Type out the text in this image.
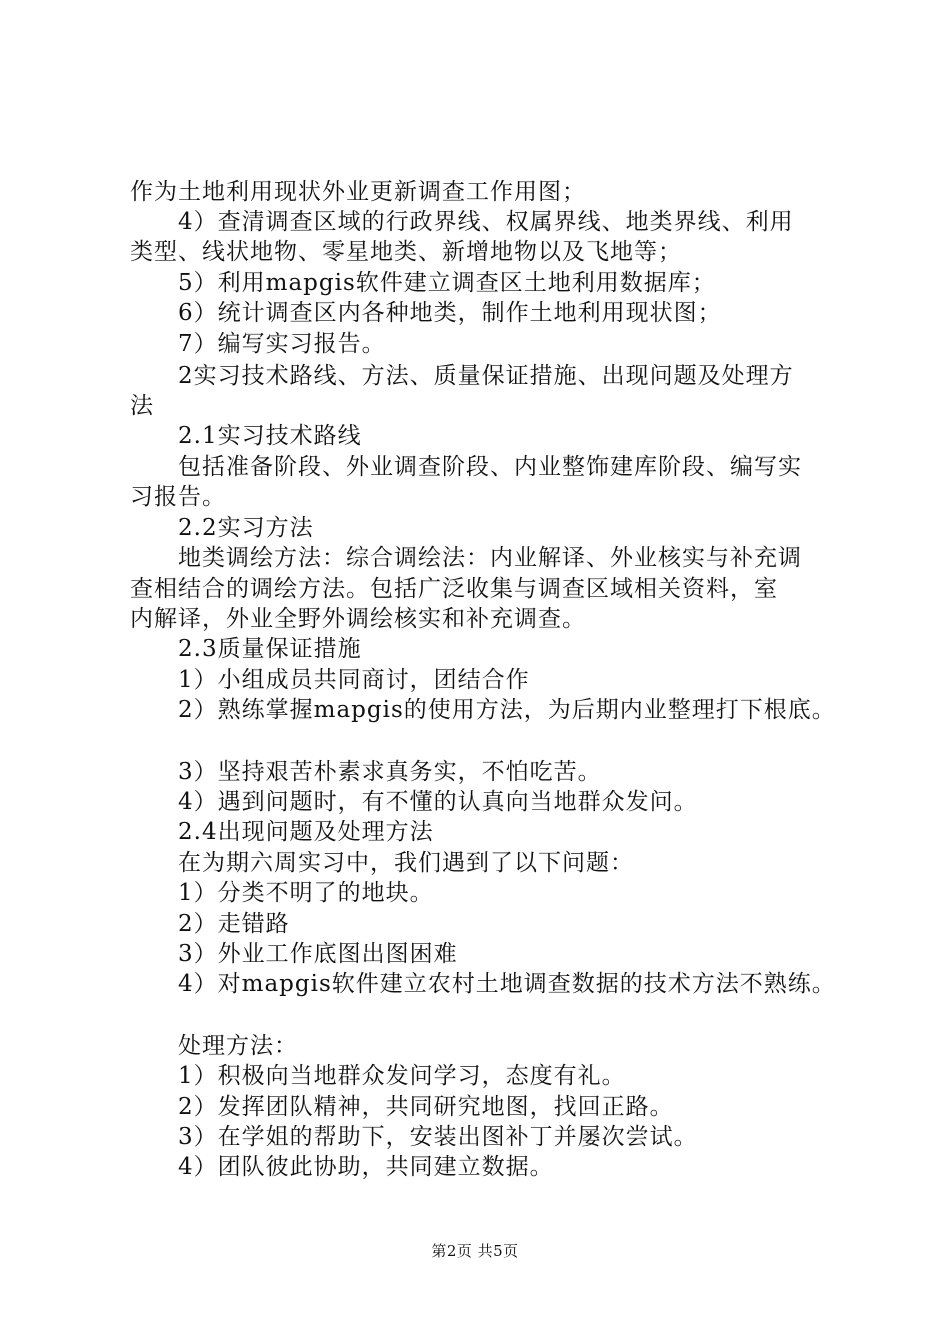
作为土地利用现状外业更新调查工作用图；
4）查清调查区域的行政界线、权属界线、地类界线、利用
类型、线状地物、零星地类、新增地物以及飞地等；
5）利用mapgis软件建立调查区土地利用数据库；
6）统计调查区内各种地类，制作土地利用现状图；
7）编写实习报告。
2实习技术路线、方法、质量保证措施、出现问题及处理方
法
2.1实习技术路线
包括准备阶段、外业调查阶段、内业整饰建库阶段、编写实
习报告。
2.2实习方法
地类调绘方法：综合调绘法：内业解译、外业核实与补充调
查相结合的调绘方法。包括广泛收集与调查区域相关资料，室
内解译，外业全野外调绘核实和补充调查。
2.3质量保证措施
1）小组成员共同商讨，团结合作
2）熟练掌握mapgis的使用方法，为后期内业整理打下根底。
3）坚持艰苦朴素求真务实，不怕吃苦。
4）遇到问题时，有不懂的认真向当地群众发问。
2.4出现问题及处理方法
在为期六周实习中，我们遇到了以下问题：
1）分类不明了的地块。
2）走错路
3）外业工作底图出图困难
4）对mapgis软件建立农村土地调查数据的技术方法不熟练。
处理方法：
1）积极向当地群众发问学习，态度有礼。
2）发挥团队精神，共同研究地图，找回正路。
3）在学姐的帮助下，安装出图补丁并屡次尝试。
4）团队彼此协助，共同建立数据。
第2页 共5页
